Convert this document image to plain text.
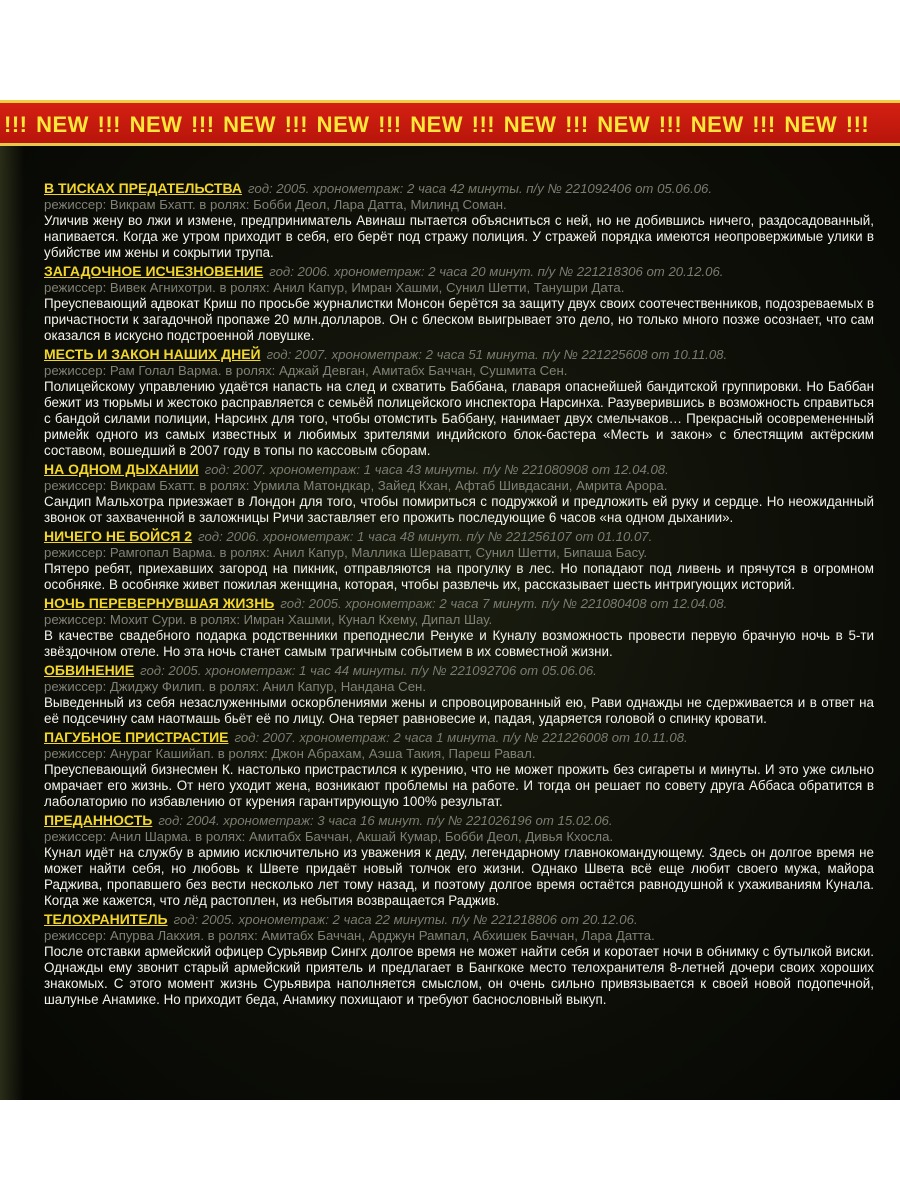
!!! NEW !!! NEW !!! NEW !!! NEW !!! NEW !!! NEW !!! NEW !!! NEW !!! NEW !!!
В ТИСКАХ ПРЕДАТЕЛЬСТВА год: 2005. хронометраж: 2 часа 42 минуты. п/у № 221092406 от 05.06.06.
режиссер: Викрам Бхатт. в ролях: Бобби Деол, Лара Датта, Милинд Соман.
Уличив жену во лжи и измене, предприниматель Авинаш пытается объясниться с ней, но не добившись ничего, раздосадованный, напивается. Когда же утром приходит в себя, его берёт под стражу полиция. У стражей порядка имеются неопровержимые улики в убийстве им жены и сокрытии трупа.
ЗАГАДОЧНОЕ ИСЧЕЗНОВЕНИЕ год: 2006. хронометраж: 2 часа 20 минут. п/у № 221218306 от 20.12.06.
режиссер: Вивек Агнихотри. в ролях: Анил Капур, Имран Хашми, Сунил Шетти, Танушри Дата.
Преуспевающий адвокат Криш по просьбе журналистки Монсон берётся за защиту двух своих соотечественников, подозреваемых в причастности к загадочной пропаже 20 млн.долларов. Он с блеском выигрывает это дело, но только много позже осознает, что сам оказался в искусно подстроенной ловушке.
МЕСТЬ И ЗАКОН НАШИХ ДНЕЙ год: 2007. хронометраж: 2 часа 51 минута. п/у № 221225608 от 10.11.08.
режиссер: Рам Голал Варма. в ролях: Аджай Девган, Амитабх Баччан, Сушмита Сен.
Полицейскому управлению удаётся напасть на след и схватить Баббана, главаря опаснейшей бандитской группировки. Но Баббан бежит из тюрьмы и жестоко расправляется с семьёй полицейского инспектора Нарсинха. Разуверившись в возможность справиться с бандой силами полиции, Нарсинх для того, чтобы отомстить Баббану, нанимает двух смельчаков… Прекрасный осовремененный римейк одного из самых известных и любимых зрителями индийского блок-бастера «Месть и закон» с блестящим актёрским составом, вошедший в 2007 году в топы по кассовым сборам.
НА ОДНОМ ДЫХАНИИ год: 2007. хронометраж: 1 часа 43 минуты. п/у № 221080908 от 12.04.08.
режиссер: Викрам Бхатт. в ролях: Урмила Матондкар, Зайед Кхан, Афтаб Шивдасани, Амрита Арора.
Сандип Мальхотра приезжает в Лондон для того, чтобы помириться с подружкой и предложить ей руку и сердце. Но неожиданный звонок от захваченной в заложницы Ричи заставляет его прожить последующие 6 часов «на одном дыхании».
НИЧЕГО НЕ БОЙСЯ 2 год: 2006. хронометраж: 1 часа 48 минут. п/у № 221256107 от 01.10.07.
режиссер: Рамгопал Варма. в ролях: Анил Капур, Маллика Шераватт, Сунил Шетти, Бипаша Басу.
Пятеро ребят, приехавших загород на пикник, отправляются на прогулку в лес. Но попадают под ливень и прячутся в огромном особняке. В особняке живет пожилая женщина, которая, чтобы развлечь их, рассказывает шесть интригующих историй.
НОЧЬ ПЕРЕВЕРНУВШАЯ ЖИЗНЬ год: 2005. хронометраж: 2 часа 7 минут. п/у № 221080408 от 12.04.08.
режиссер: Мохит Сури. в ролях: Имран Хашми, Кунал Кхему, Дипал Шау.
В качестве свадебного подарка родственники преподнесли Ренуке и Куналу возможность провести первую брачную ночь в 5-ти звёздочном отеле. Но эта ночь станет самым трагичным событием в их совместной жизни.
ОБВИНЕНИЕ год: 2005. хронометраж: 1 час 44 минуты. п/у № 221092706 от 05.06.06.
режиссер: Джиджу Филип. в ролях: Анил Капур, Нандана Сен.
Выведенный из себя незаслуженными оскорблениями жены и спровоцированный ею, Рави однажды не сдерживается и в ответ на её подсечину сам наотмашь бьёт её по лицу. Она теряет равновесие и, падая, ударяется головой о спинку кровати.
ПАГУБНОЕ ПРИСТРАСТИЕ год: 2007. хронометраж: 2 часа 1 минута. п/у № 221226008 от 10.11.08.
режиссер: Анураг Кашийап. в ролях: Джон Абрахам, Аэша Такия, Пареш Равал.
Преуспевающий бизнесмен К. настолько пристрастился к курению, что не может прожить без сигареты и минуты. И это уже сильно омрачает его жизнь. От него уходит жена, возникают проблемы на работе. И тогда он решает по совету друга Аббаса обратится в лаболаторию по избавлению от курения гарантирующую 100% результат.
ПРЕДАННОСТЬ год: 2004. хронометраж: 3 часа 16 минут. п/у № 221026196 от 15.02.06.
режиссер: Анил Шарма. в ролях: Амитабх Баччан, Акшай Кумар, Бобби Деол, Дивья Кхосла.
Кунал идёт на службу в армию исключительно из уважения к деду, легендарному главнокомандующему. Здесь он долгое время не может найти себя, но любовь к Швете придаёт новый толчок его жизни. Однако Швета всё еще любит своего мужа, майора Раджива, пропавшего без вести несколько лет тому назад, и поэтому долгое время остаётся равнодушной к ухаживаниям Кунала. Когда же кажется, что лёд растоплен, из небытия возвращается Раджив.
ТЕЛОХРАНИТЕЛЬ год: 2005. хронометраж: 2 часа 22 минуты. п/у № 221218806 от 20.12.06.
режиссер: Апурва Лакхия. в ролях: Амитабх Баччан, Арджун Рампал, Абхишек Баччан, Лара Датта.
После отставки армейский офицер Сурьявир Сингх долгое время не может найти себя и коротает ночи в обнимку с бутылкой виски. Однажды ему звонит старый армейский приятель и предлагает в Бангкоке место телохранителя 8-летней дочери своих хороших знакомых. С этого момент жизнь Сурьявира наполняется смыслом, он очень сильно привязывается к своей новой подопечной, шалунье Анамике. Но приходит беда, Анамику похищают и требуют баснословный выкуп.
